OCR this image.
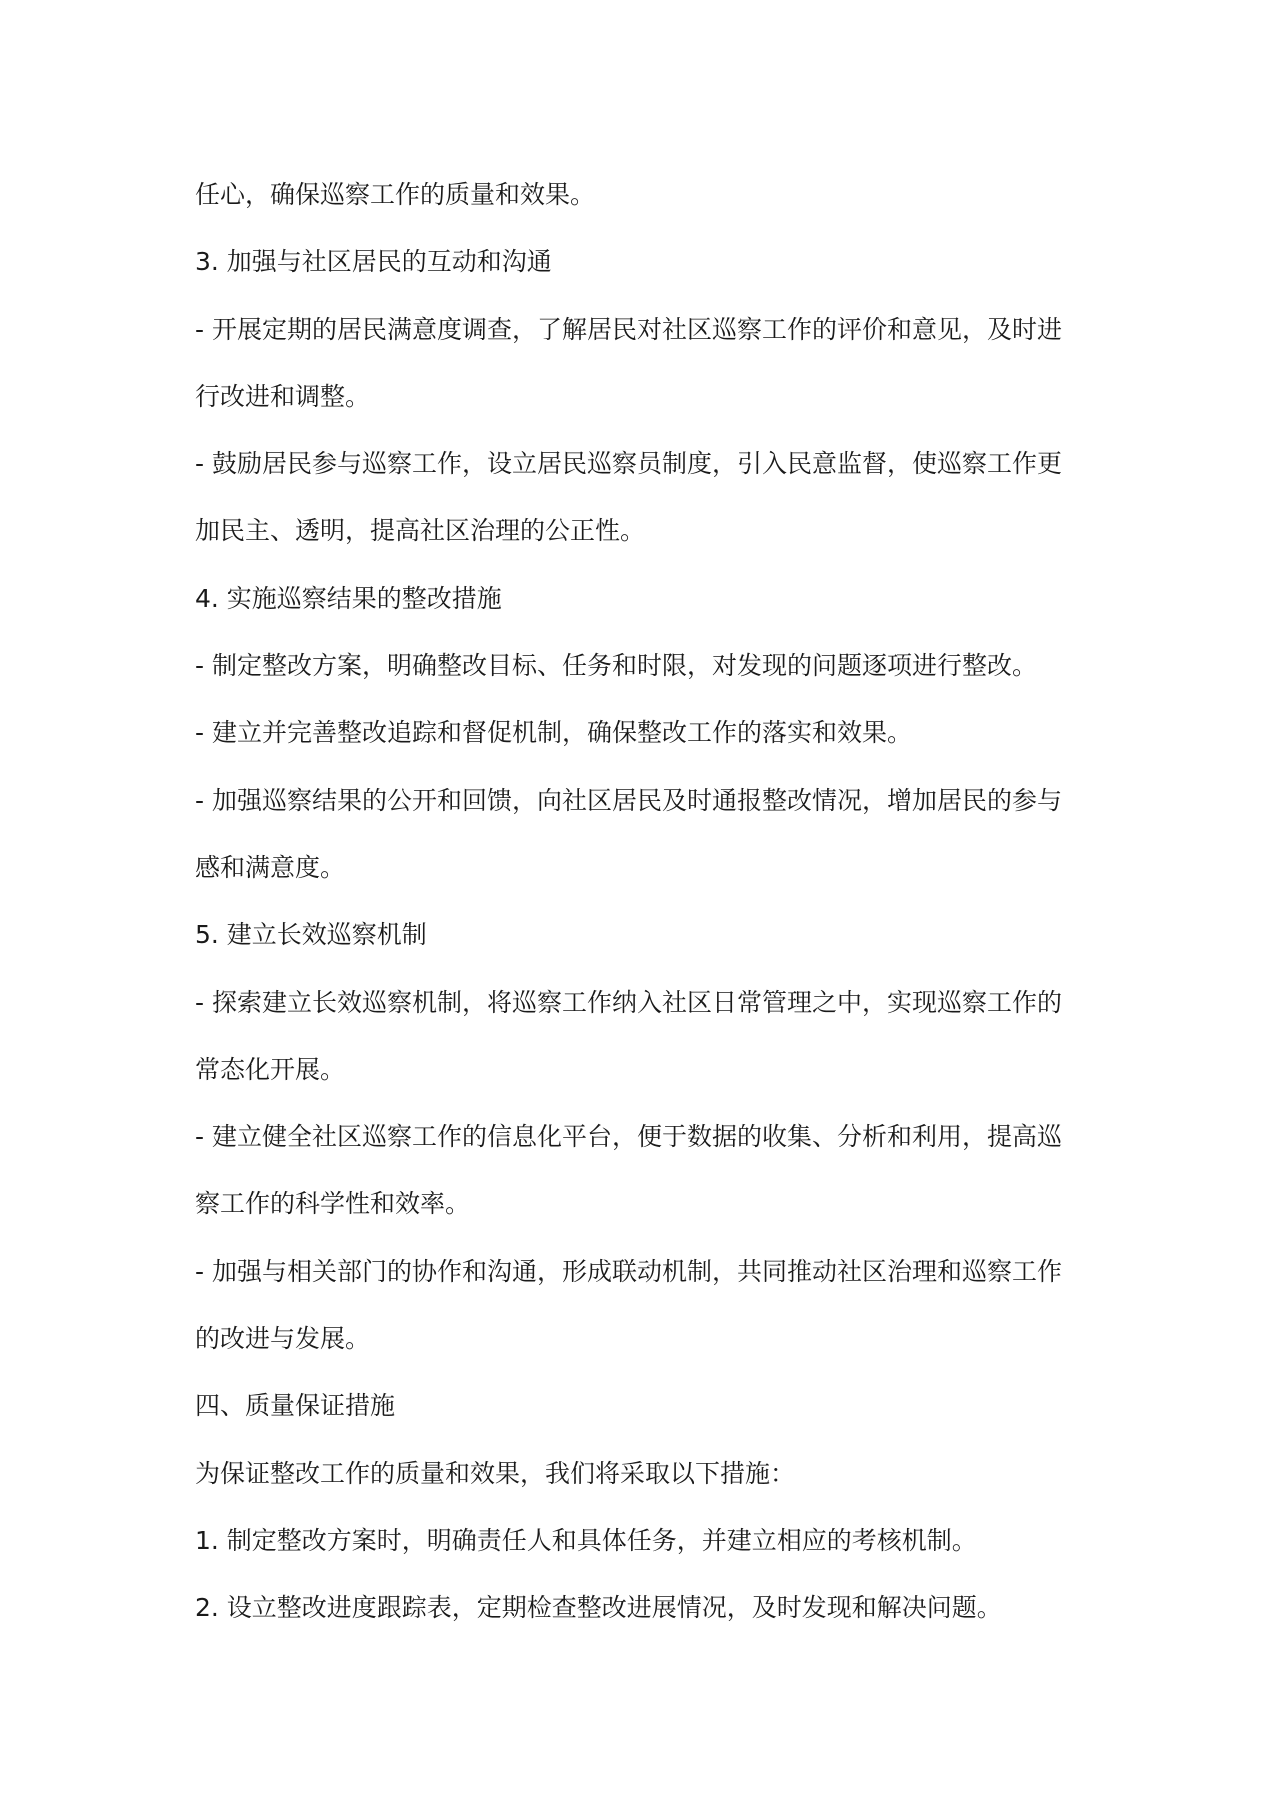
任心，确保巡察工作的质量和效果。
3. 加强与社区居民的互动和沟通
- 开展定期的居民满意度调查，了解居民对社区巡察工作的评价和意见，及时进
行改进和调整。
- 鼓励居民参与巡察工作，设立居民巡察员制度，引入民意监督，使巡察工作更
加民主、透明，提高社区治理的公正性。
4. 实施巡察结果的整改措施
- 制定整改方案，明确整改目标、任务和时限，对发现的问题逐项进行整改。
- 建立并完善整改追踪和督促机制，确保整改工作的落实和效果。
- 加强巡察结果的公开和回馈，向社区居民及时通报整改情况，增加居民的参与
感和满意度。
5. 建立长效巡察机制
- 探索建立长效巡察机制，将巡察工作纳入社区日常管理之中，实现巡察工作的
常态化开展。
- 建立健全社区巡察工作的信息化平台，便于数据的收集、分析和利用，提高巡
察工作的科学性和效率。
- 加强与相关部门的协作和沟通，形成联动机制，共同推动社区治理和巡察工作
的改进与发展。
四、质量保证措施
为保证整改工作的质量和效果，我们将采取以下措施：
1. 制定整改方案时，明确责任人和具体任务，并建立相应的考核机制。
2. 设立整改进度跟踪表，定期检查整改进展情况，及时发现和解决问题。
